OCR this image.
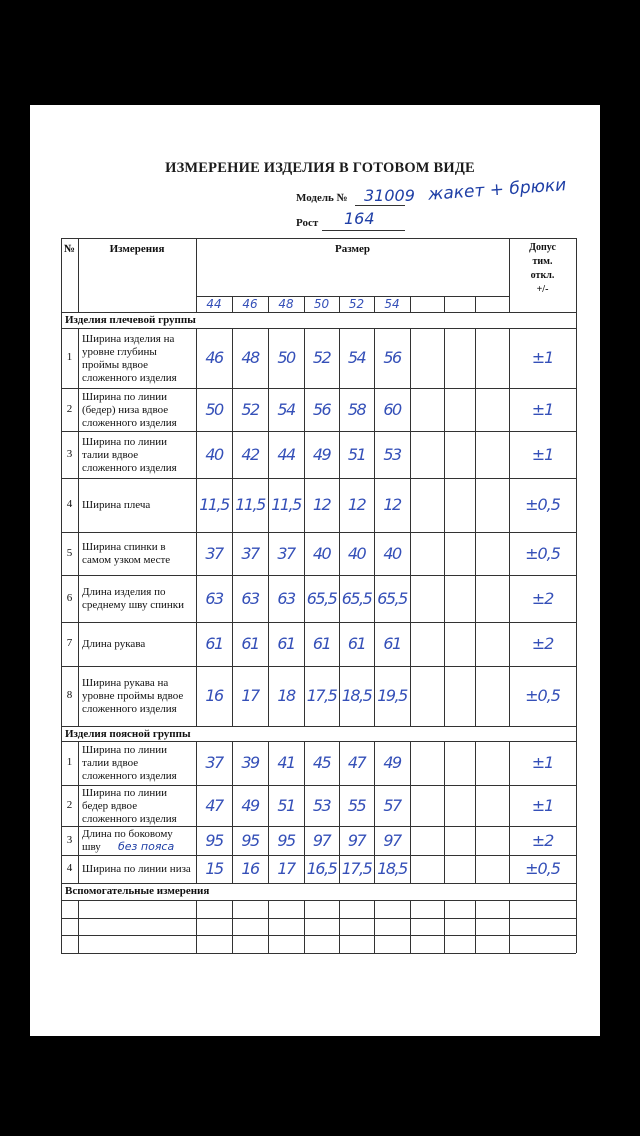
ИЗМЕРЕНИЕ ИЗДЕЛИЯ В ГОТОВОМ ВИДЕ
Модель № 31009 жакет + брюки
Рост 164
№	Измерения	Размер	Допус
тим.
откл.
+/-
44	46	48	50	52	54
Изделия плечевой группы
1
Ширина изделия на уровне глубины проймы вдвое сложенного изделия
46	48	50	52	54	56	±1
2
Ширина по линии (бедер) низа вдвое сложенного изделия
50	52	54	56	58	60	±1
3
Ширина по линии талии вдвое сложенного изделия
40	42	44	49	51	53	±1
4 Ширина плеча	11,5 11,5 11,5 12	12	12	±0,5
5 Ширина спинки в самом узком месте	37	37	37	40	40	40	±0,5
6 Длина изделия по среднему шву спинки	63	63	63 65,5 65,5 65,5	±2
7 Длина рукава	61	61	61	61	61	61	±2
8
Ширина рукава на уровне проймы вдвое сложенного изделия
16	17	18 17,5 18,5 19,5	±0,5
Изделия поясной группы
1
Ширина по линии талии вдвое сложенного изделия
37	39	41	45	47	49	±1
2
Ширина по линии бедер вдвое сложенного изделия
47	49	51	53	55	57	±1
3 Длина по боковому шву	без пояса	95	95	95	97	97	97	±2
4 Ширина по линии низа 15	16	17 16,5 17,5 18,5	±0,5
Вспомогательные измерения
